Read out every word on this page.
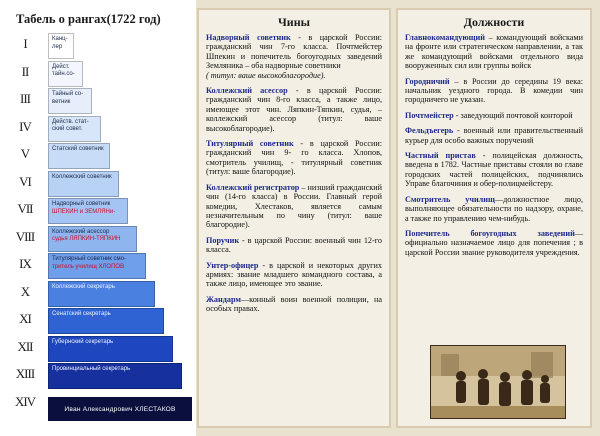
Табель о рангах(1722 год)
I
II
III
IV
V
VI
VII
VIII
IX
X
XI
XII
XIII
XIV
Канц-
лер
Дейст.
тайн.со-
Тайный со-
ветник
Действ. стат-
ский совет.
Статский советник
Коллежский советник
Надворный советник
ШПЕКИН и ЗЕМЛЯНи-
Коллежский асессор
судья ЛЯПКИН-ТЯПКИН
Титулярный советник смо-
тритель училищ ХЛОПОВ
Коллежский секретарь
Сенатский секретарь
Губернский секретарь
Провинциальный секретарь
Иван Александрович ХЛЕСТАКОВ
Чины
Надворный советник - в царской России: гражданский чин 7-го класса. Почтмейстер Шпекин и попечитель богоугодных заведений Земляника – оба надворные советники
( титул: ваше высокоблагородие).
Коллежский асессор - в царской России: гражданский чин 8-го класса, а также лицо, имеющее этот чин. Ляпкин-Тяпкин, судья, –коллежский асессор (титул: ваше высокоблагородие).
Титулярный советник - в царской России: гражданский чин 9- го класса. Хлопов, смотритель училищ, - титулярный советник (титул: ваше благородие).
Коллежский регистратор – низший гражданский чин (14-го класса) в России. Главный герой комедии, Хлестаков, является самым незначительным по чину (титул: ваше благородие).
Поручик - в царской России: военный чин 12-го класса.
Унтер-офицер - в царской и некоторых других армиях: звание младшего командного состава, а также лицо, имеющее это звание.
Жандарм—конный воин военной полиции, на особых правах.
Должности
Главнокомандующий – командующий войсками на фронте или стратегическом направлении, а так же командующий войсками отдельного вида вооруженных сил или группы войск
Городничий – в России до середины 19 века: начальник уездного города. В комедии чин городничего не указан.
Почтмейстер - заведующий почтовой конторой
Фельдъегерь - военный или правительственный курьер для особо важных поручений
Частный пристав - полицейская должность, введена в 1782. Частные приставы стояли во главе городских частей полицейских, подчинялись Управе благочиния и обер-полицмейстеру.
Смотритель училищ—должностное лицо, выполняющее обязательности по надзору, охране, а также по управлению чем-нибудь.
Попечитель богоугодных заведений—официально назначаемое лицо для попечения ; в царской России звание руководителя учреждения.
